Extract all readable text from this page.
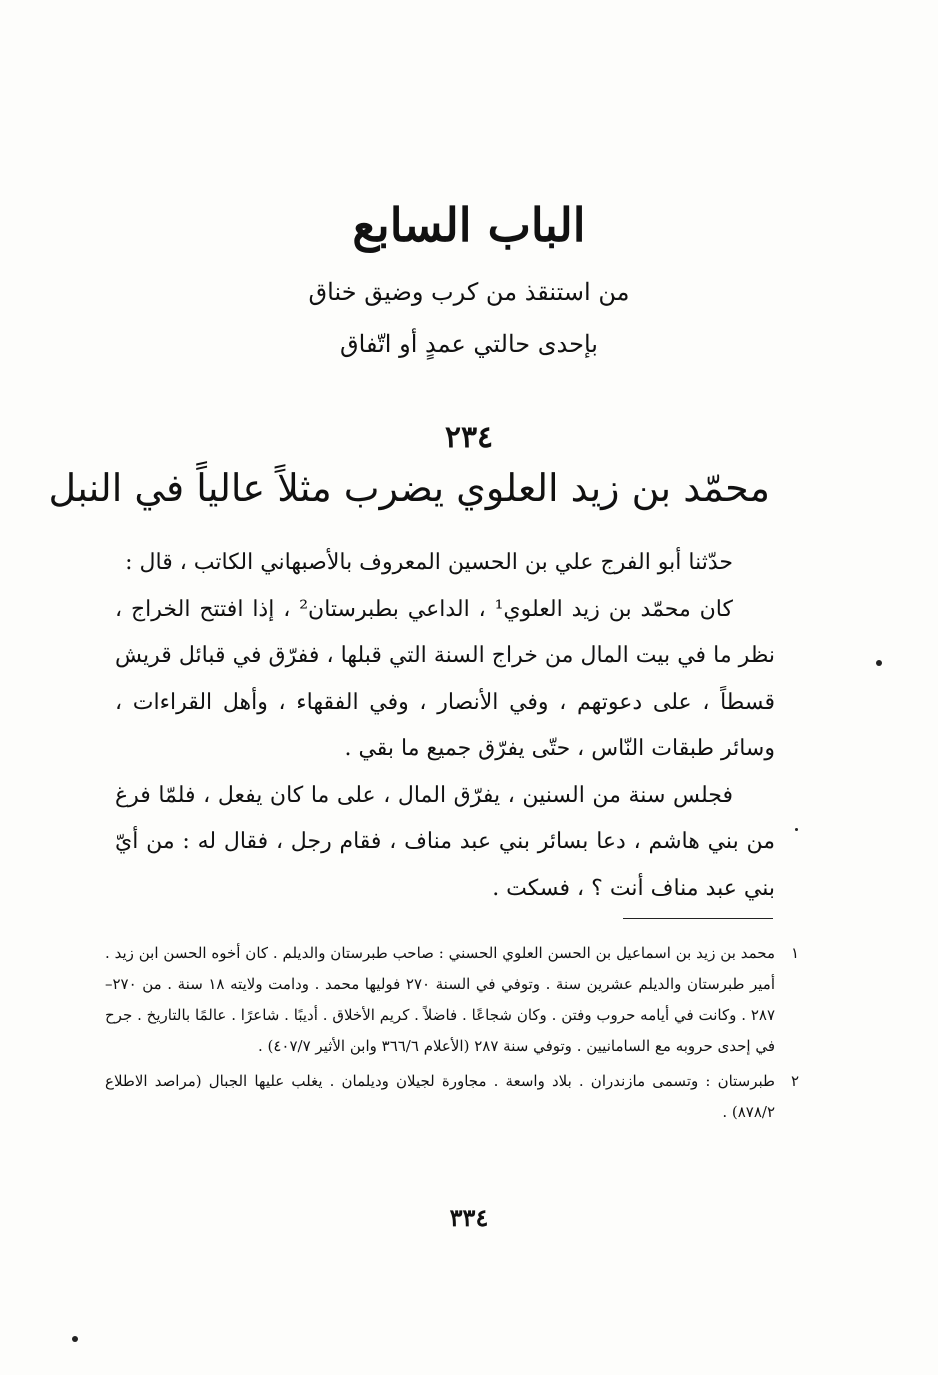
الباب السابع
من استنقذ من كرب وضيق خناق
بإحدى حالتي عمدٍ أو اتّفاق
٢٣٤
محمّد بن زيد العلوي يضرب مثلاً عالياً في النبل

حدّثنا أبو الفرج علي بن الحسين المعروف بالأصبهاني الكاتب ، قال :

كان محمّد بن زيد العلوي¹ ، الداعي بطبرستان² ، إذا افتتح الخراج ، نظر ما في بيت المال من خراج السنة التي قبلها ، ففرّق في قبائل قريش قسطاً ، على دعوتهم ، وفي الأنصار ، وفي الفقهاء ، وأهل القراءات ، وسائر طبقات النّاس ، حتّى يفرّق جميع ما بقي .

فجلس سنة من السنين ، يفرّق المال ، على ما كان يفعل ، فلمّا فرغ من بني هاشم ، دعا بسائر بني عبد مناف ، فقام رجل ، فقال له : من أيّ بني عبد مناف أنت ؟ ، فسكت .

١
محمد بن زيد بن اسماعيل بن الحسن العلوي الحسني : صاحب طبرستان والديلم . كان أخوه الحسن ابن زيد . أمير طبرستان والديلم عشرين سنة . وتوفي في السنة ٢٧٠ فوليها محمد . ودامت ولايته ١٨ سنة . من ٢٧٠–٢٨٧ . وكانت في أيامه حروب وفتن . وكان شجاعًا . فاضلاً . كريم الأخلاق . أديبًا . شاعرًا . عالمًا بالتاريخ . جرح في إحدى حروبه مع السامانيين . وتوفي سنة ٢٨٧ (الأعلام ٣٦٦/٦ وابن الأثير ٤٠٧/٧) .
٢
طبرستان : وتسمى مازندران . بلاد واسعة . مجاورة لجيلان وديلمان . يغلب عليها الجبال (مراصد الاطلاع ٨٧٨/٢) .
٣٣٤
